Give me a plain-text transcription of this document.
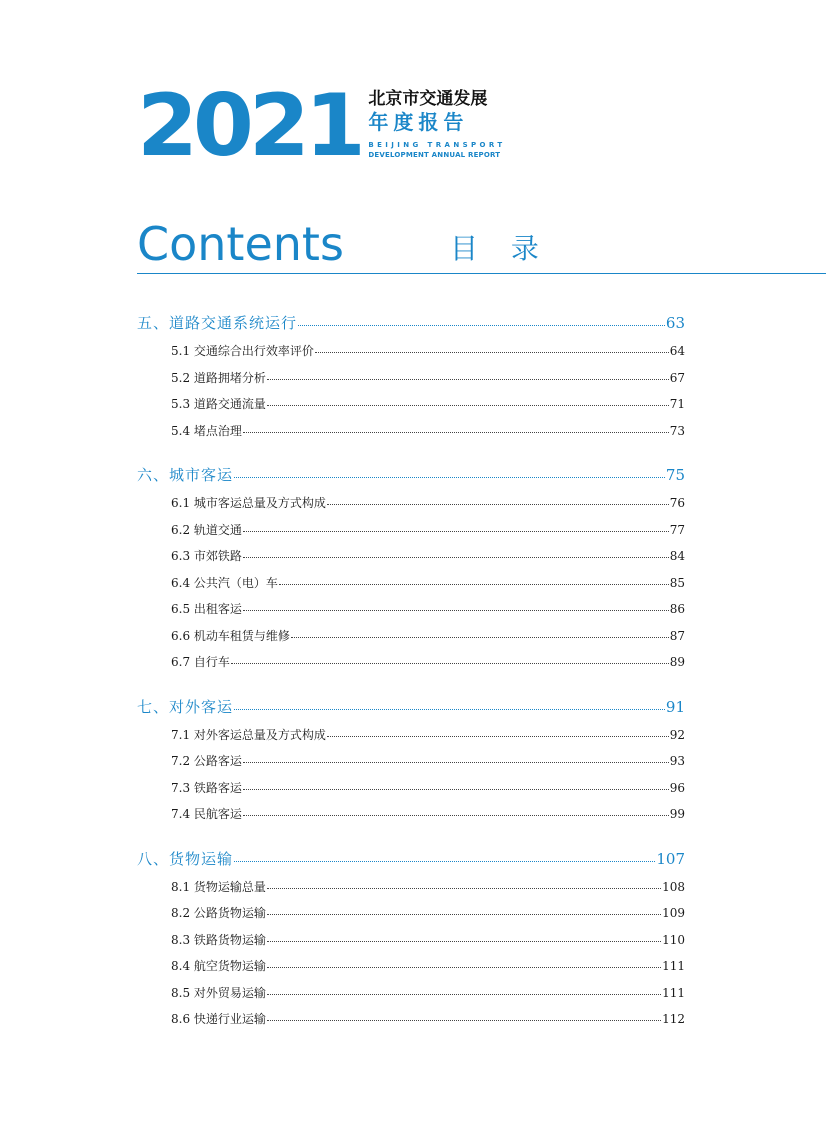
2021 北京市交通发展
年度报告
BEIJING TRANSPORT
DEVELOPMENT ANNUAL REPORT
Contents	目 录
五、道路交通系统运行	63
5.1 交通综合出行效率评价	64
5.2 道路拥堵分析	67
5.3 道路交通流量	71
5.4 堵点治理	73
六、城市客运	75
6.1 城市客运总量及方式构成	76
6.2 轨道交通	77
6.3 市郊铁路	84
6.4 公共汽（电）车	85
6.5 出租客运	86
6.6 机动车租赁与维修	87
6.7 自行车	89
七、对外客运	91
7.1 对外客运总量及方式构成	92
7.2 公路客运	93
7.3 铁路客运	96
7.4 民航客运	99
八、货物运输	107
8.1 货物运输总量	108
8.2 公路货物运输	109
8.3 铁路货物运输	110
8.4 航空货物运输	111
8.5 对外贸易运输	111
8.6 快递行业运输	112
